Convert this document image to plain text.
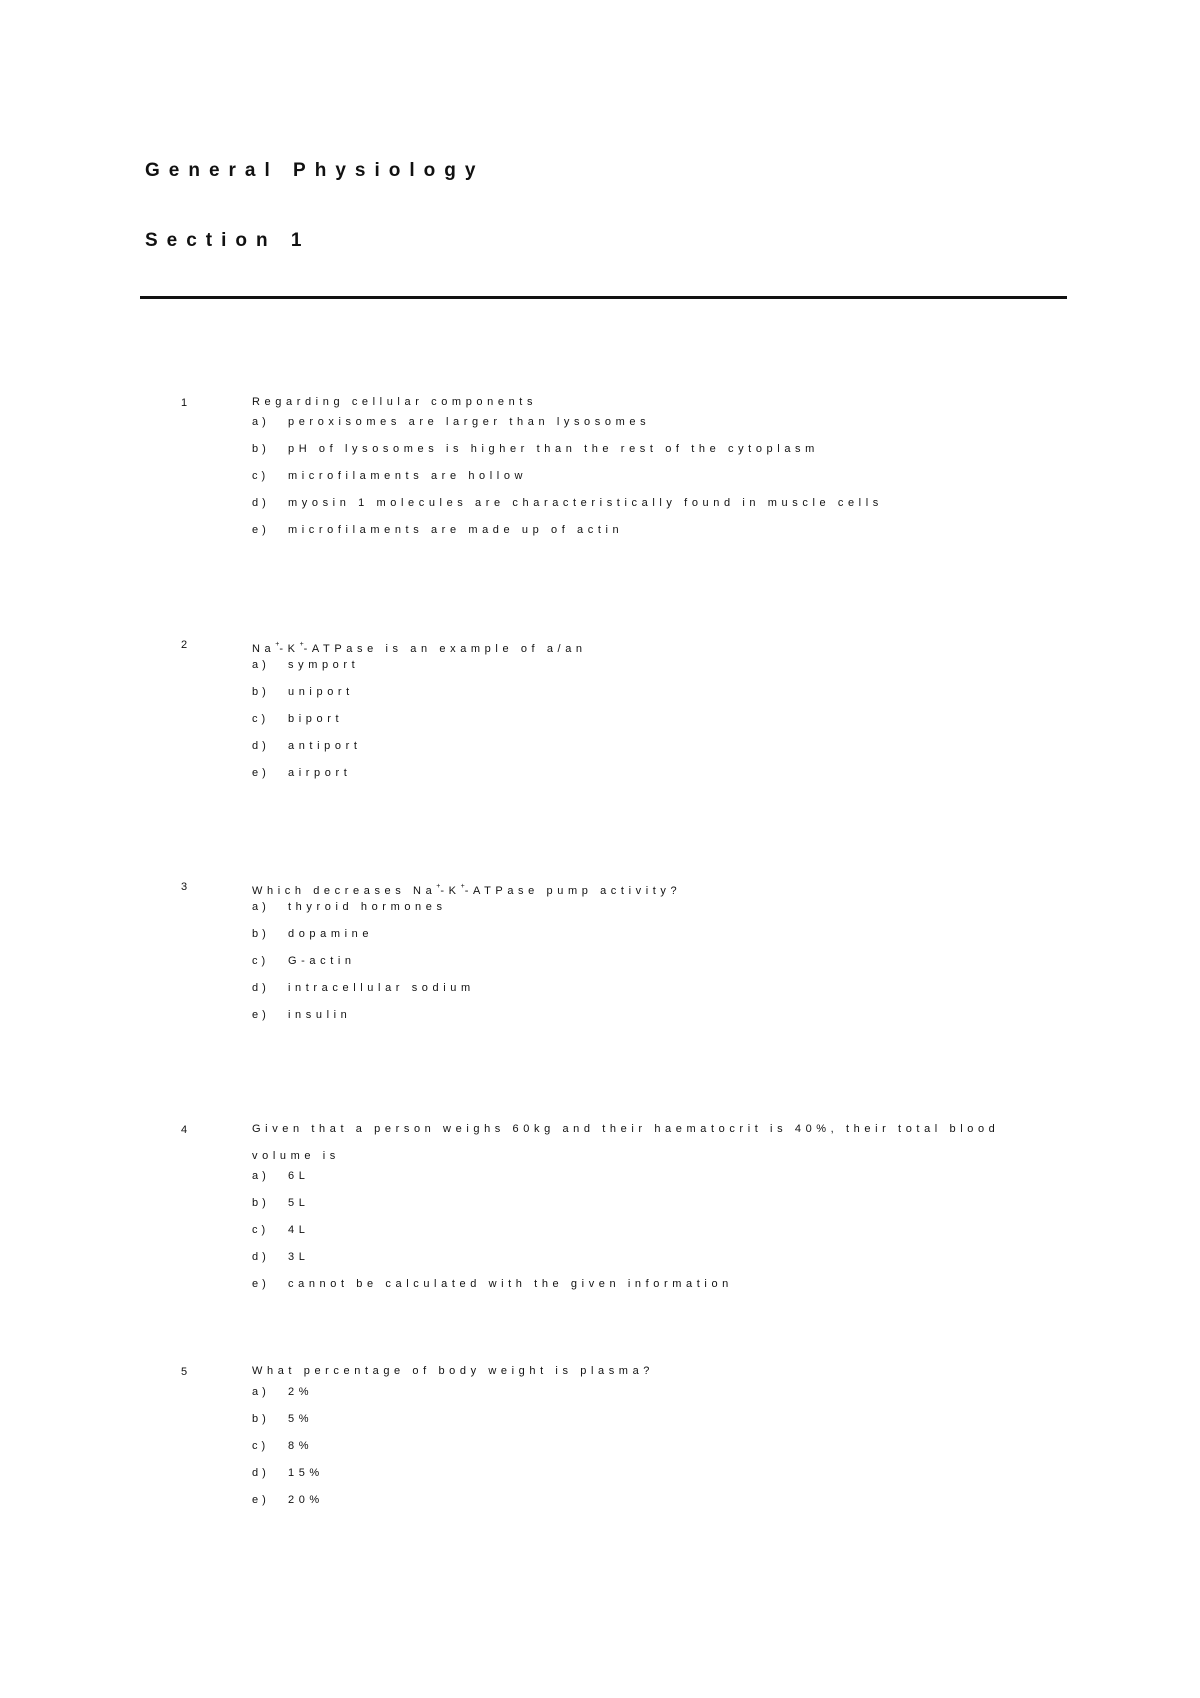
General Physiology
Section 1
1	Regarding cellular components
a) peroxisomes are larger than lysosomes
b) pH of lysosomes is higher than the rest of the cytoplasm
c) microfilaments are hollow
d) myosin 1 molecules are characteristically found in muscle cells
e) microfilaments are made up of actin
2	Na+-K+-ATPase is an example of a/an
a) symport
b) uniport
c) biport
d) antiport
e) airport
3	Which decreases Na+-K+-ATPase pump activity?
a) thyroid hormones
b) dopamine
c) G-actin
d) intracellular sodium
e) insulin
4	Given that a person weighs 60kg and their haematocrit is 40%, their total blood volume is
a) 6L
b) 5L
c) 4L
d) 3L
e) cannot be calculated with the given information
5	What percentage of body weight is plasma?
a) 2%
b) 5%
c) 8%
d) 15%
e) 20%
